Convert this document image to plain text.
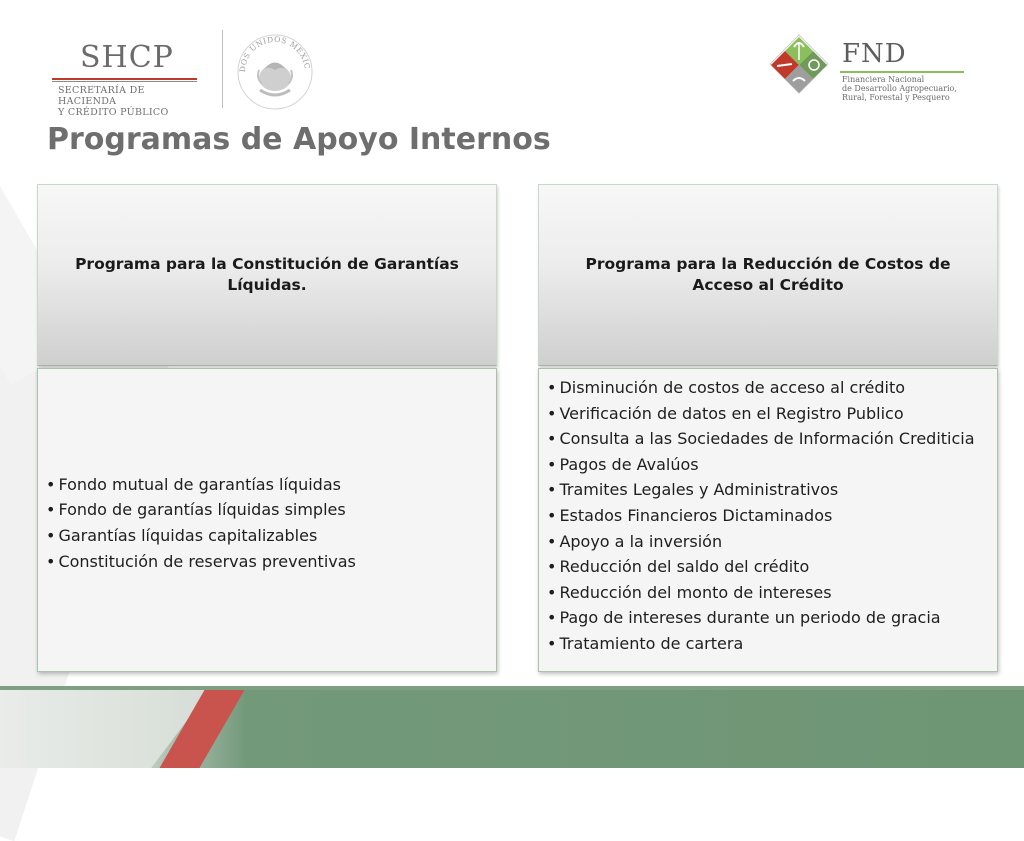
SHCP
SECRETARÍA DE HACIENDA
Y CRÉDITO PÚBLICO
DOS UNIDOS MEXIC	FND
Financiera Nacional
de Desarrollo Agropecuario,
Rural, Forestal y Pesquero
Programas de Apoyo Internos
Programa para la Constitución de Garantías Líquidas.
• Fondo mutual de garantías líquidas
• Fondo de garantías líquidas simples
• Garantías líquidas capitalizables
• Constitución de reservas preventivas
Programa para la Reducción de Costos de Acceso al Crédito
• Disminución de costos de acceso al crédito
• Verificación de datos en el Registro Publico
• Consulta a las Sociedades de Información Crediticia
• Pagos de Avalúos
• Tramites Legales y Administrativos
• Estados Financieros Dictaminados
• Apoyo a la inversión
• Reducción del saldo del crédito
• Reducción del monto de intereses
• Pago de intereses durante un periodo de gracia
• Tratamiento de cartera
